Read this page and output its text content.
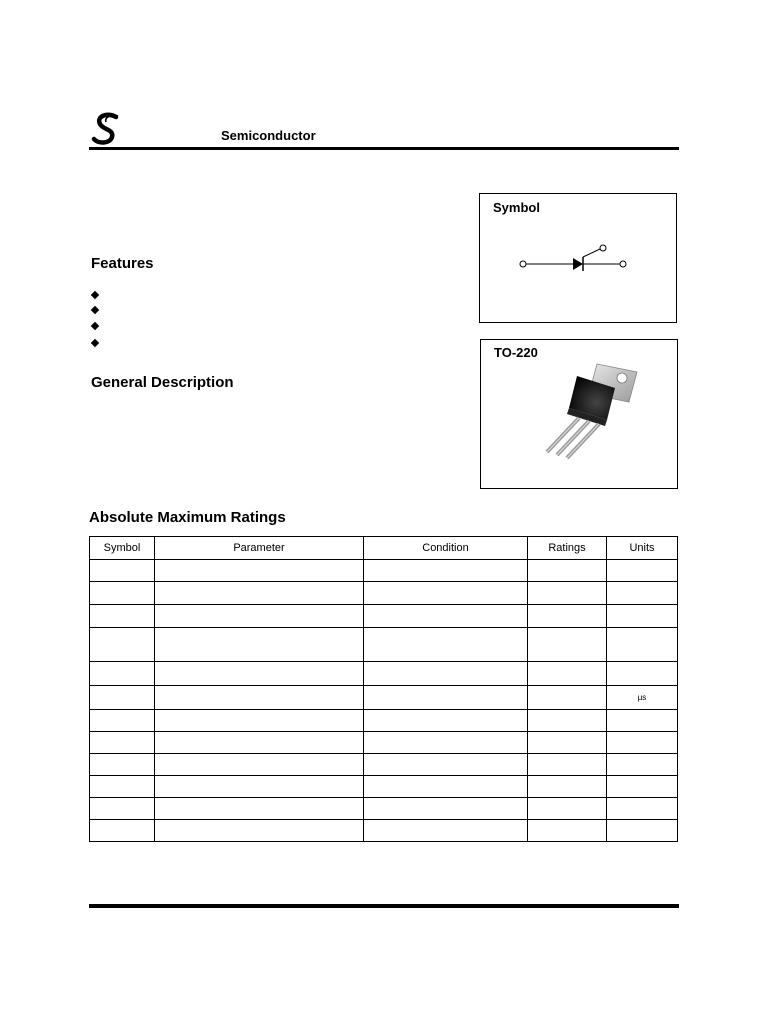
Semiconductor
Features
General Description
Symbol
TO-220
Absolute Maximum Ratings
Symbol	Parameter	Condition	Ratings	Units

				µs
